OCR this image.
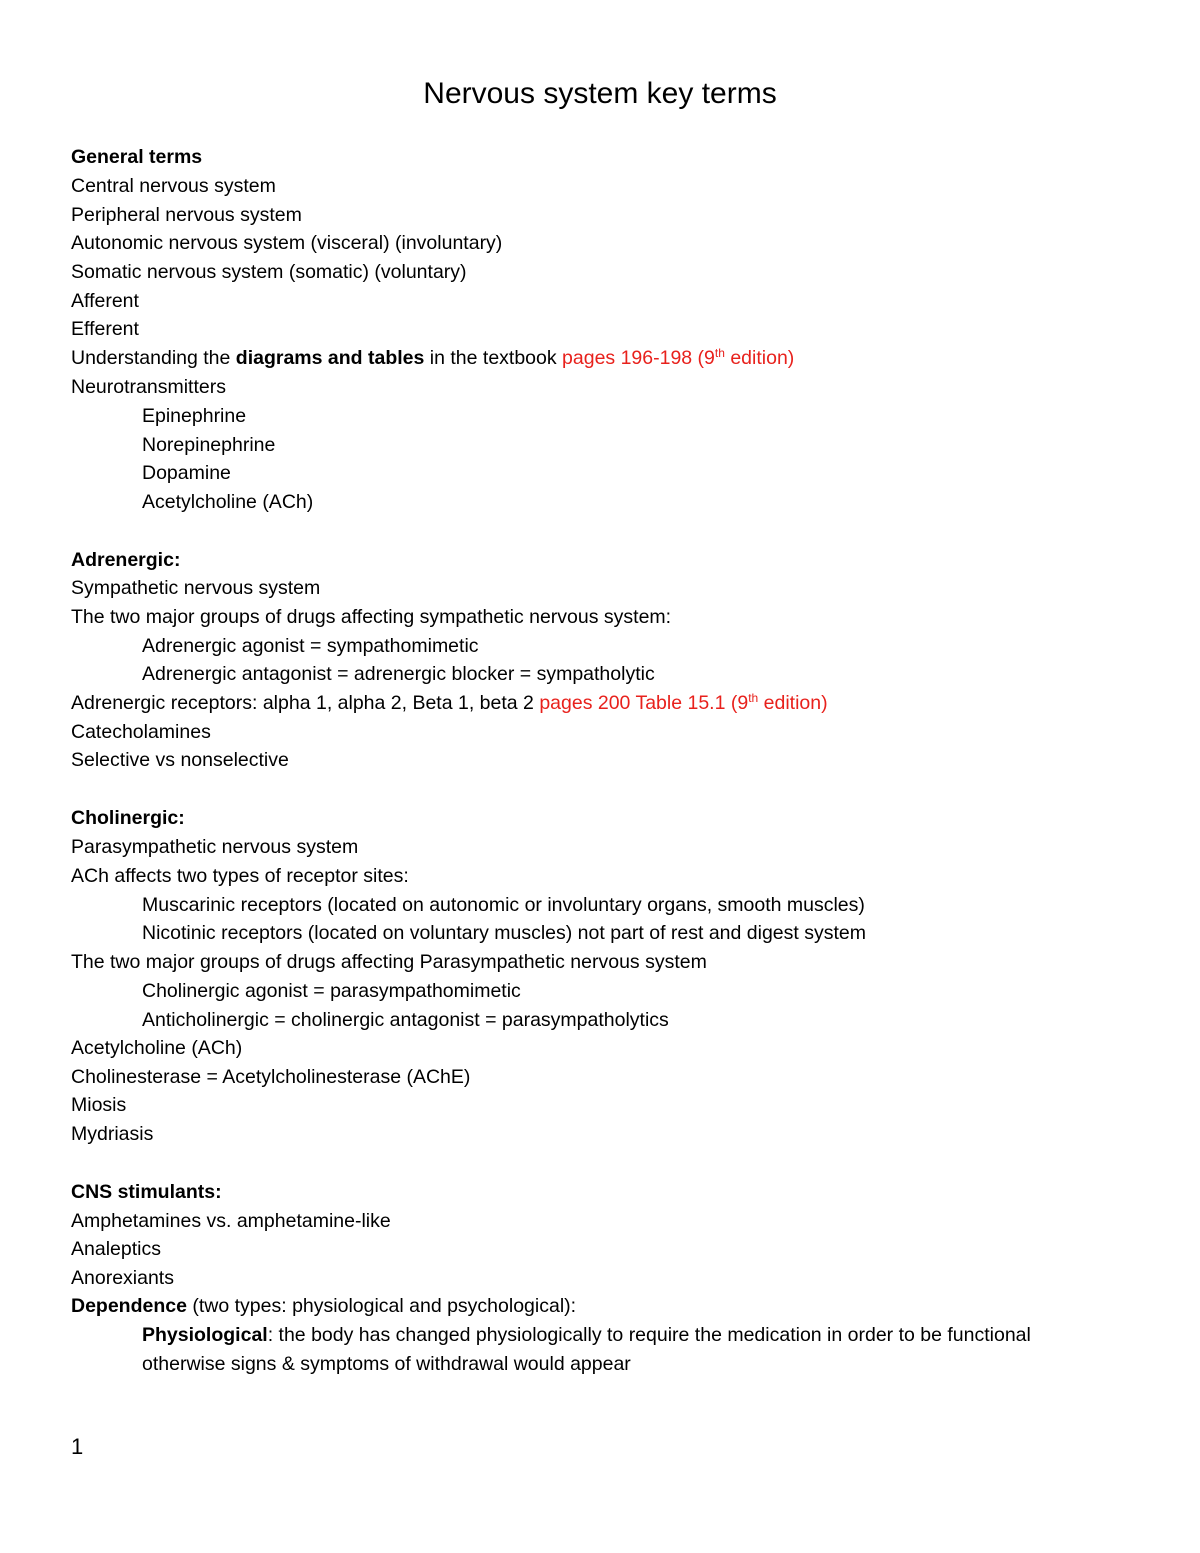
Nervous system key terms
General terms
Central nervous system
Peripheral nervous system
Autonomic nervous system (visceral) (involuntary)
Somatic nervous system (somatic) (voluntary)
Afferent
Efferent
Understanding the diagrams and tables in the textbook pages 196-198 (9th edition)
Neurotransmitters
Epinephrine
Norepinephrine
Dopamine
Acetylcholine (ACh)
Adrenergic:
Sympathetic nervous system
The two major groups of drugs affecting sympathetic nervous system:
Adrenergic agonist = sympathomimetic
Adrenergic antagonist = adrenergic blocker = sympatholytic
Adrenergic receptors: alpha 1, alpha 2, Beta 1, beta 2 pages 200 Table 15.1 (9th edition)
Catecholamines
Selective vs nonselective
Cholinergic:
Parasympathetic nervous system
ACh affects two types of receptor sites:
Muscarinic receptors (located on autonomic or involuntary organs, smooth muscles)
Nicotinic receptors (located on voluntary muscles) not part of rest and digest system
The two major groups of drugs affecting Parasympathetic nervous system
Cholinergic agonist = parasympathomimetic
Anticholinergic = cholinergic antagonist = parasympatholytics
Acetylcholine (ACh)
Cholinesterase = Acetylcholinesterase (AChE)
Miosis
Mydriasis
CNS stimulants:
Amphetamines vs. amphetamine-like
Analeptics
Anorexiants
Dependence (two types: physiological and psychological):
Physiological: the body has changed physiologically to require the medication in order to be functional
otherwise signs & symptoms of withdrawal would appear
1
